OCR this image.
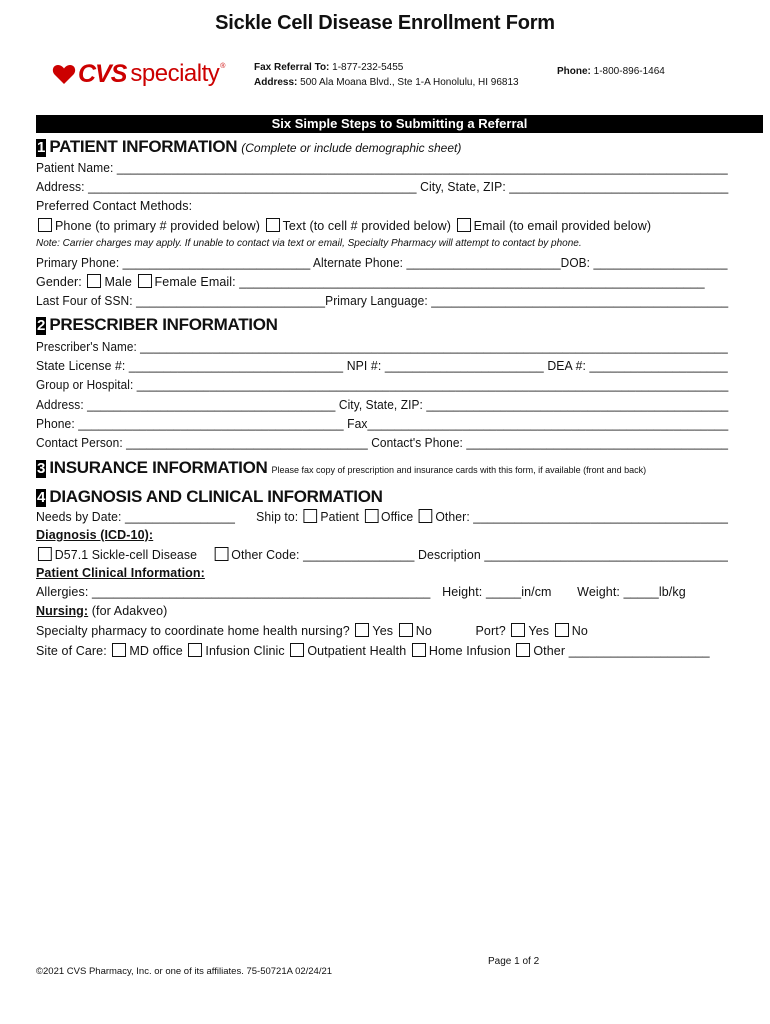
Sickle Cell Disease Enrollment Form
CVS specialty ®	Fax Referral To: 1-877-232-5455
Address: 500 Ala Moana Blvd., Ste 1-A Honolulu, HI 96813
Phone: 1-800-896-1464
Six Simple Steps to Submitting a Referral
1 PATIENT INFORMATION (Complete or include demographic sheet)
Patient Name: __________________________________________________________________________________________
Address: ________________________________________________ City, State, ZIP: ________________________________
Preferred Contact Methods:
Phone (to primary # provided below) Text (to cell # provided below) Email (to email provided below)
Note: Carrier charges may apply. If unable to contact via text or email, Specialty Pharmacy will attempt to contact by phone.
Primary Phone: ____________________________ Alternate Phone: _______________________DOB: ____________________
Gender: Male Female Email: __________________________________________________________________
Last Four of SSN: ____________________________Primary Language: ____________________________________________
2 PRESCRIBER INFORMATION
Prescriber's Name: _________________________________________________________________________________________
State License #: _______________________________ NPI #: _______________________ DEA #: ____________________
Group or Hospital: _________________________________________________________________________________________
Address: _____________________________________ City, State, ZIP: _____________________________________________
Phone: _______________________________________ Fax_____________________________________________________
Contact Person: ____________________________________ Contact's Phone: _______________________________________
3 INSURANCE INFORMATION Please fax copy of prescription and insurance cards with this form, if available (front and back)
4 DIAGNOSIS AND CLINICAL INFORMATION
Needs by Date: ________________ Ship to: Patient Office Other: _____________________________________
Diagnosis (ICD-10):
D57.1 Sickle-cell Disease	Other Code: ________________ Description ___________________________________
Patient Clinical Information:
Allergies: ________________________________________________ Height: _____in/cm Weight: _____lb/kg
Nursing: (for Adakveo)
Specialty pharmacy to coordinate home health nursing? Yes No	Port? Yes No
Site of Care: MD office Infusion Clinic Outpatient Health Home Infusion Other ____________________
Page 1 of 2
©2021 CVS Pharmacy, Inc. or one of its affiliates. 75-50721A 02/24/21
